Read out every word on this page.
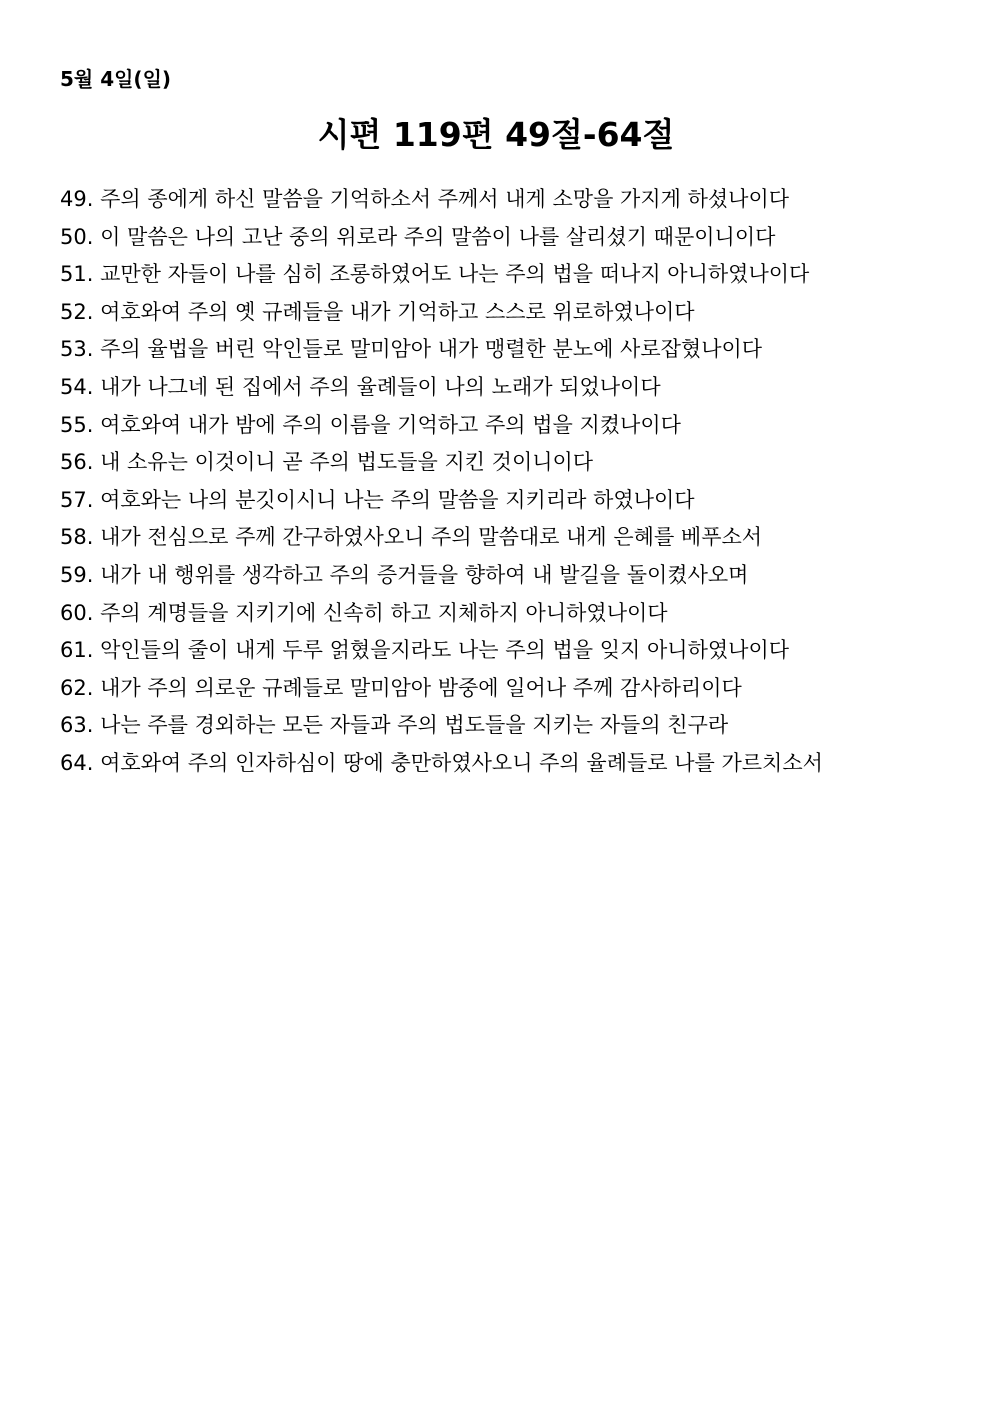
5월 4일(일)
시편 119편 49절-64절
49. 주의 종에게 하신 말씀을 기억하소서 주께서 내게 소망을 가지게 하셨나이다
50. 이 말씀은 나의 고난 중의 위로라 주의 말씀이 나를 살리셨기 때문이니이다
51. 교만한 자들이 나를 심히 조롱하였어도 나는 주의 법을 떠나지 아니하였나이다
52. 여호와여 주의 옛 규례들을 내가 기억하고 스스로 위로하였나이다
53. 주의 율법을 버린 악인들로 말미암아 내가 맹렬한 분노에 사로잡혔나이다
54. 내가 나그네 된 집에서 주의 율례들이 나의 노래가 되었나이다
55. 여호와여 내가 밤에 주의 이름을 기억하고 주의 법을 지켰나이다
56. 내 소유는 이것이니 곧 주의 법도들을 지킨 것이니이다
57. 여호와는 나의 분깃이시니 나는 주의 말씀을 지키리라 하였나이다
58. 내가 전심으로 주께 간구하였사오니 주의 말씀대로 내게 은혜를 베푸소서
59. 내가 내 행위를 생각하고 주의 증거들을 향하여 내 발길을 돌이켰사오며
60. 주의 계명들을 지키기에 신속히 하고 지체하지 아니하였나이다
61. 악인들의 줄이 내게 두루 얽혔을지라도 나는 주의 법을 잊지 아니하였나이다
62. 내가 주의 의로운 규례들로 말미암아 밤중에 일어나 주께 감사하리이다
63. 나는 주를 경외하는 모든 자들과 주의 법도들을 지키는 자들의 친구라
64. 여호와여 주의 인자하심이 땅에 충만하였사오니 주의 율례들로 나를 가르치소서
